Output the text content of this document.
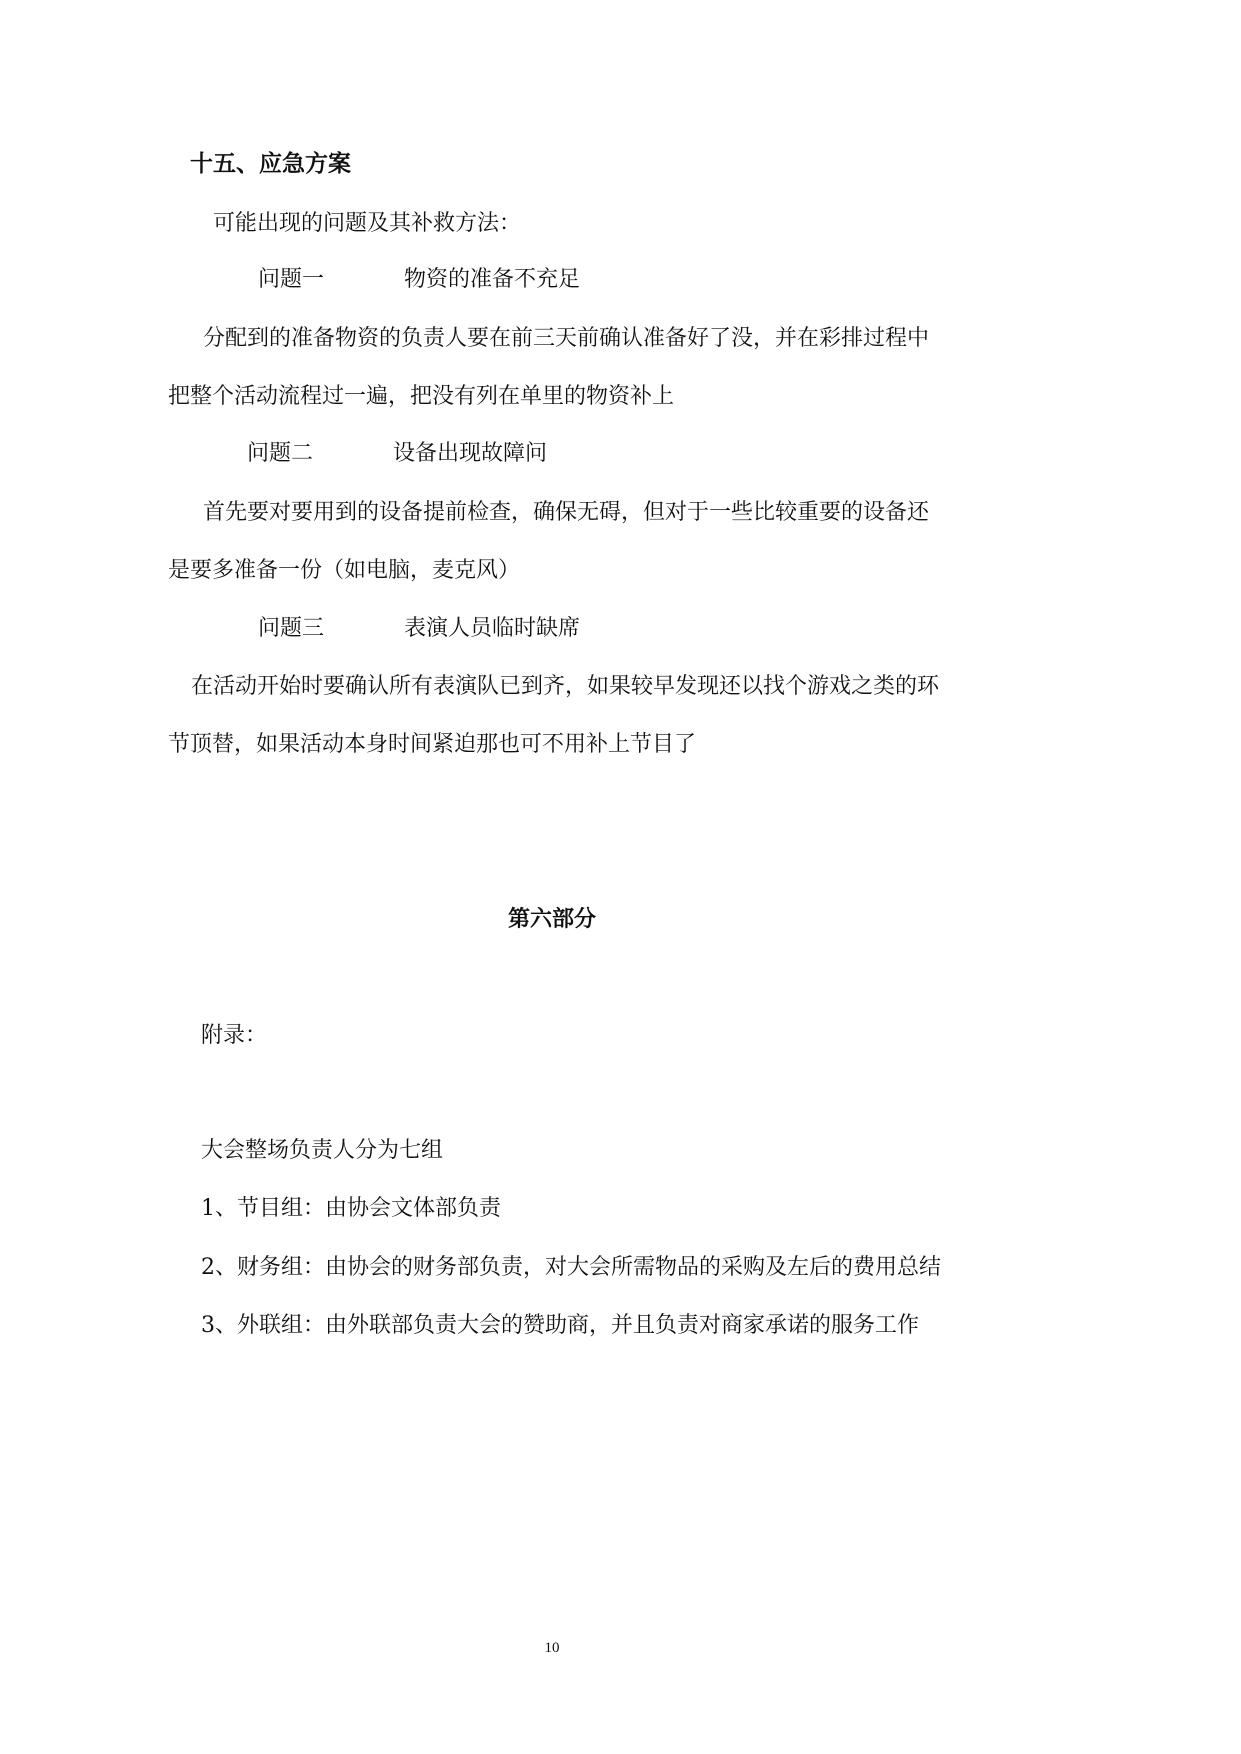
十五、应急方案
可能出现的问题及其补救方法：
问题一	物资的准备不充足
分配到的准备物资的负责人要在前三天前确认准备好了没，并在彩排过程中
把整个活动流程过一遍，把没有列在单里的物资补上
问题二	设备出现故障问
首先要对要用到的设备提前检查，确保无碍，但对于一些比较重要的设备还
是要多准备一份（如电脑，麦克风）
问题三	表演人员临时缺席
在活动开始时要确认所有表演队已到齐，如果较早发现还以找个游戏之类的环
节顶替，如果活动本身时间紧迫那也可不用补上节目了
第六部分
附录：
大会整场负责人分为七组
1、节目组：由协会文体部负责
2、财务组：由协会的财务部负责，对大会所需物品的采购及左后的费用总结
3、外联组：由外联部负责大会的赞助商，并且负责对商家承诺的服务工作
10
